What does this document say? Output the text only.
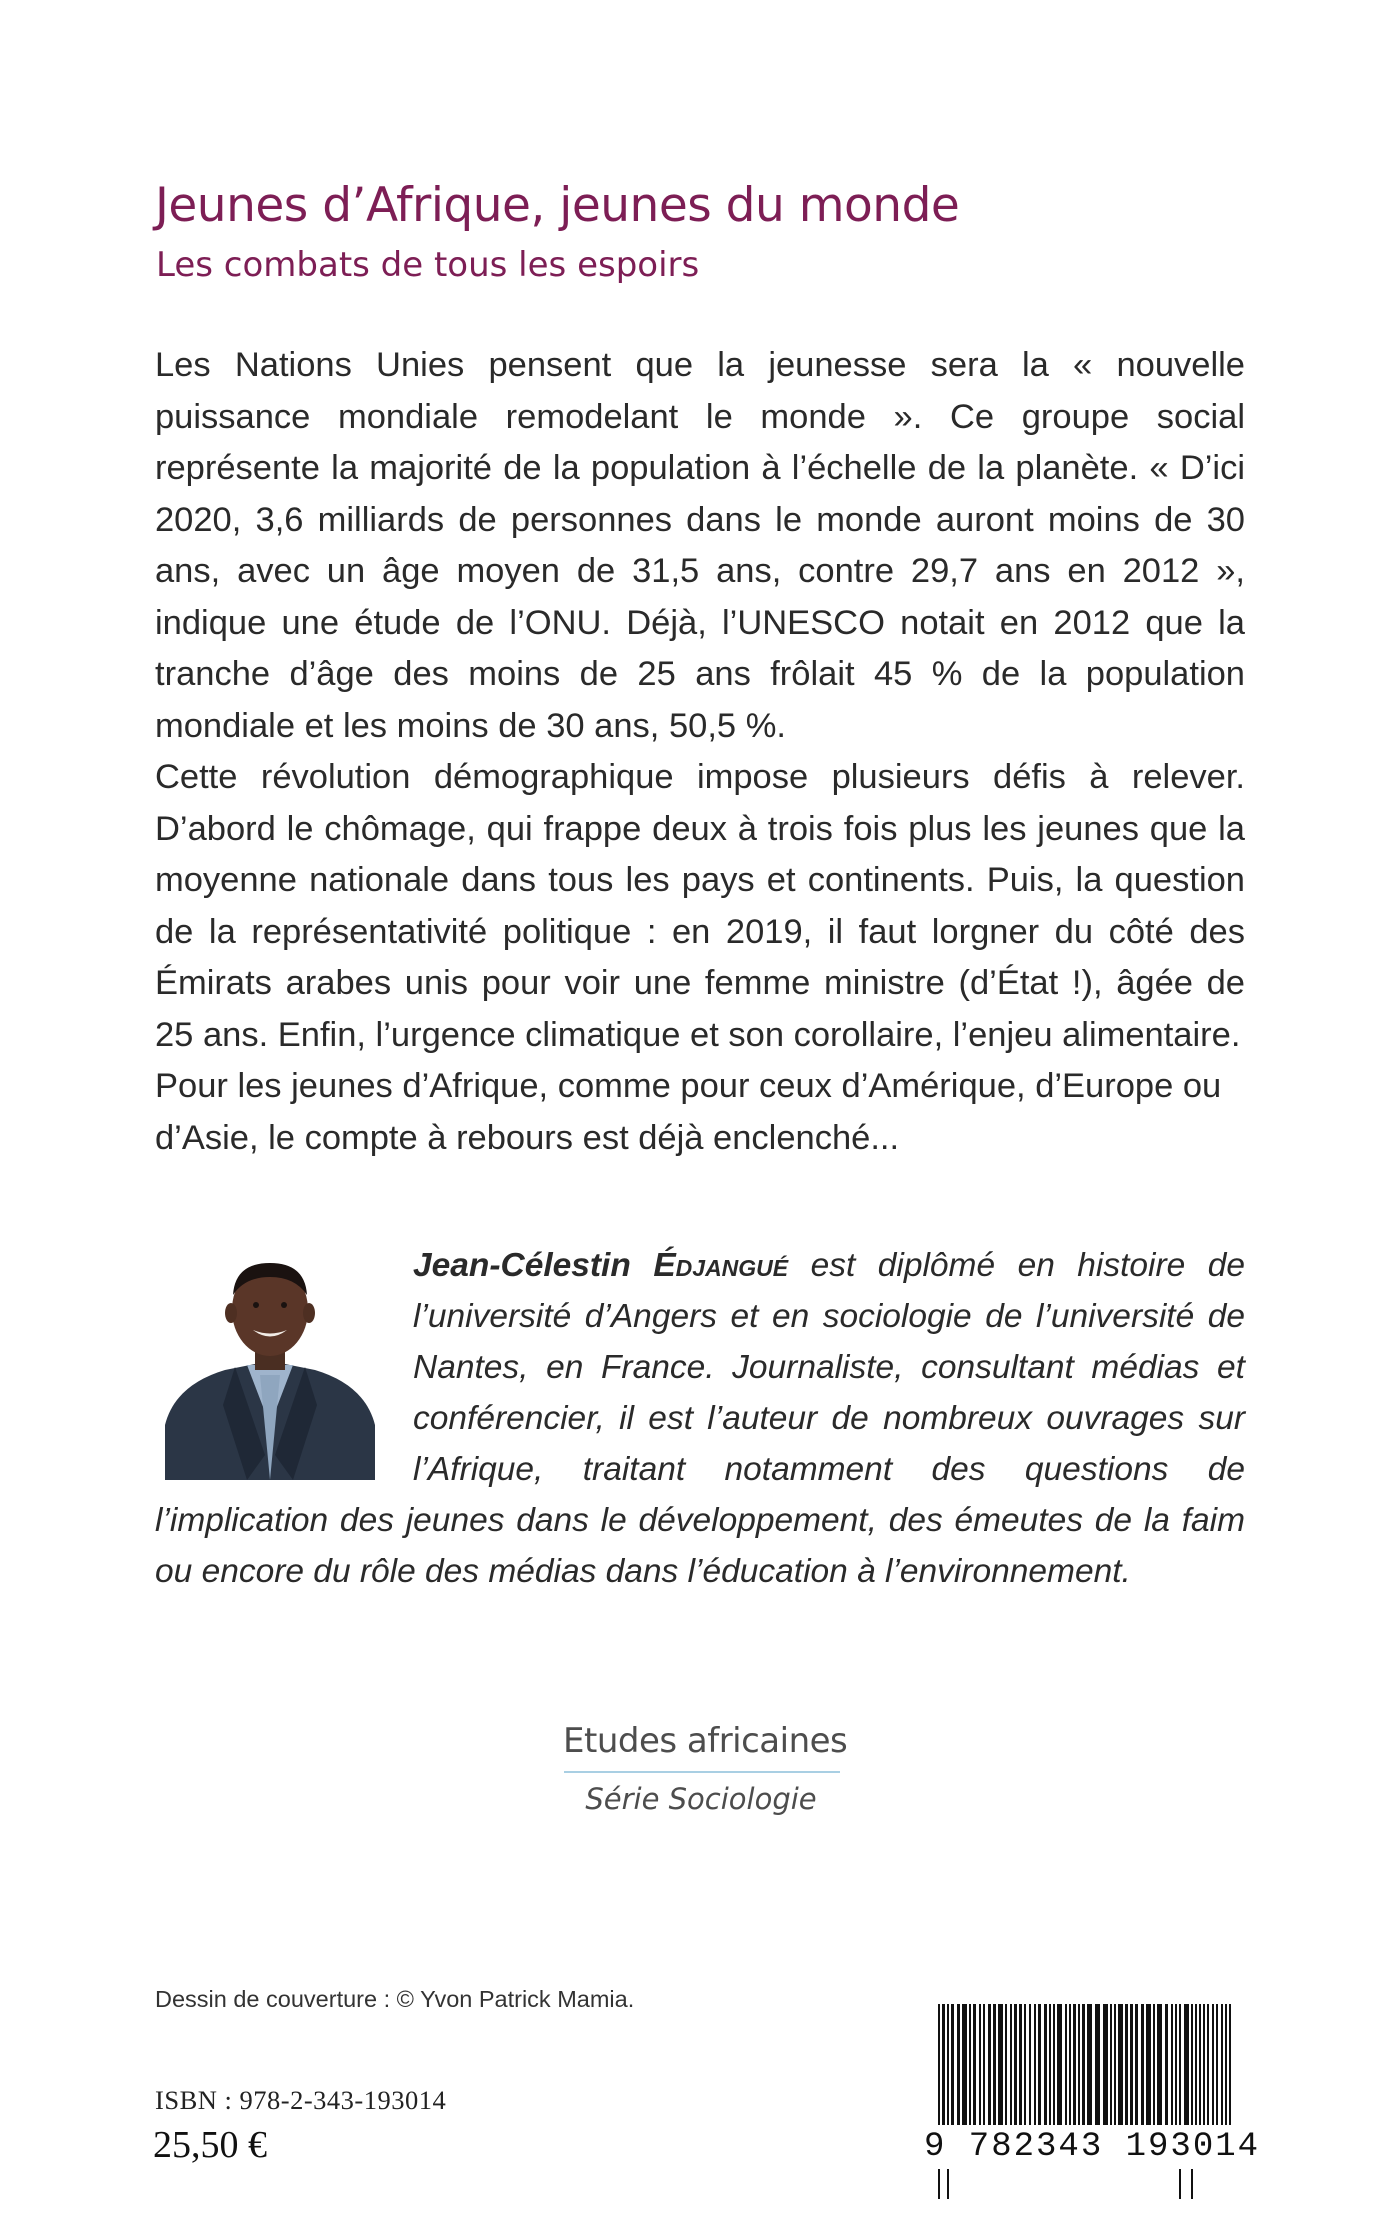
Jeunes d’Afrique, jeunes du monde
Les combats de tous les espoirs

Les Nations Unies pensent que la jeunesse sera la « nouvelle puissance mondiale remodelant le monde ». Ce groupe social représente la majorité de la population à l’échelle de la planète. « D’ici 2020, 3,6 milliards de personnes dans le monde auront moins de 30 ans, avec un âge moyen de 31,5 ans, contre 29,7 ans en 2012 », indique une étude de l’ONU. Déjà, l’UNESCO notait en 2012 que la tranche d’âge des moins de 25 ans frôlait 45 % de la population mondiale et les moins de 30 ans, 50,5 %.

Cette révolution démographique impose plusieurs défis à relever. D’abord le chômage, qui frappe deux à trois fois plus les jeunes que la moyenne nationale dans tous les pays et continents. Puis, la question de la représentativité politique : en 2019, il faut lorgner du côté des Émirats arabes unis pour voir une femme ministre (d’État !), âgée de 25 ans. Enfin, l’urgence climatique et son corollaire, l’enjeu alimentaire.

Pour les jeunes d’Afrique, comme pour ceux d’Amérique, d’Europe ou d’Asie, le compte à rebours est déjà enclenché...

Jean-Célestin Édjangué est diplômé en histoire de l’université d’Angers et en sociologie de l’université de Nantes, en France. Journaliste, consultant médias et conférencier, il est l’auteur de nombreux ouvrages sur l’Afrique, traitant notamment des questions de l’implication des jeunes dans le développement, des émeutes de la faim ou encore du rôle des médias dans l’éducation à l’environnement.

Etudes africaines
Série Sociologie
Dessin de couverture : © Yvon Patrick Mamia.
ISBN : 978-2-343-193014
25,50 €	9 782343 193014
